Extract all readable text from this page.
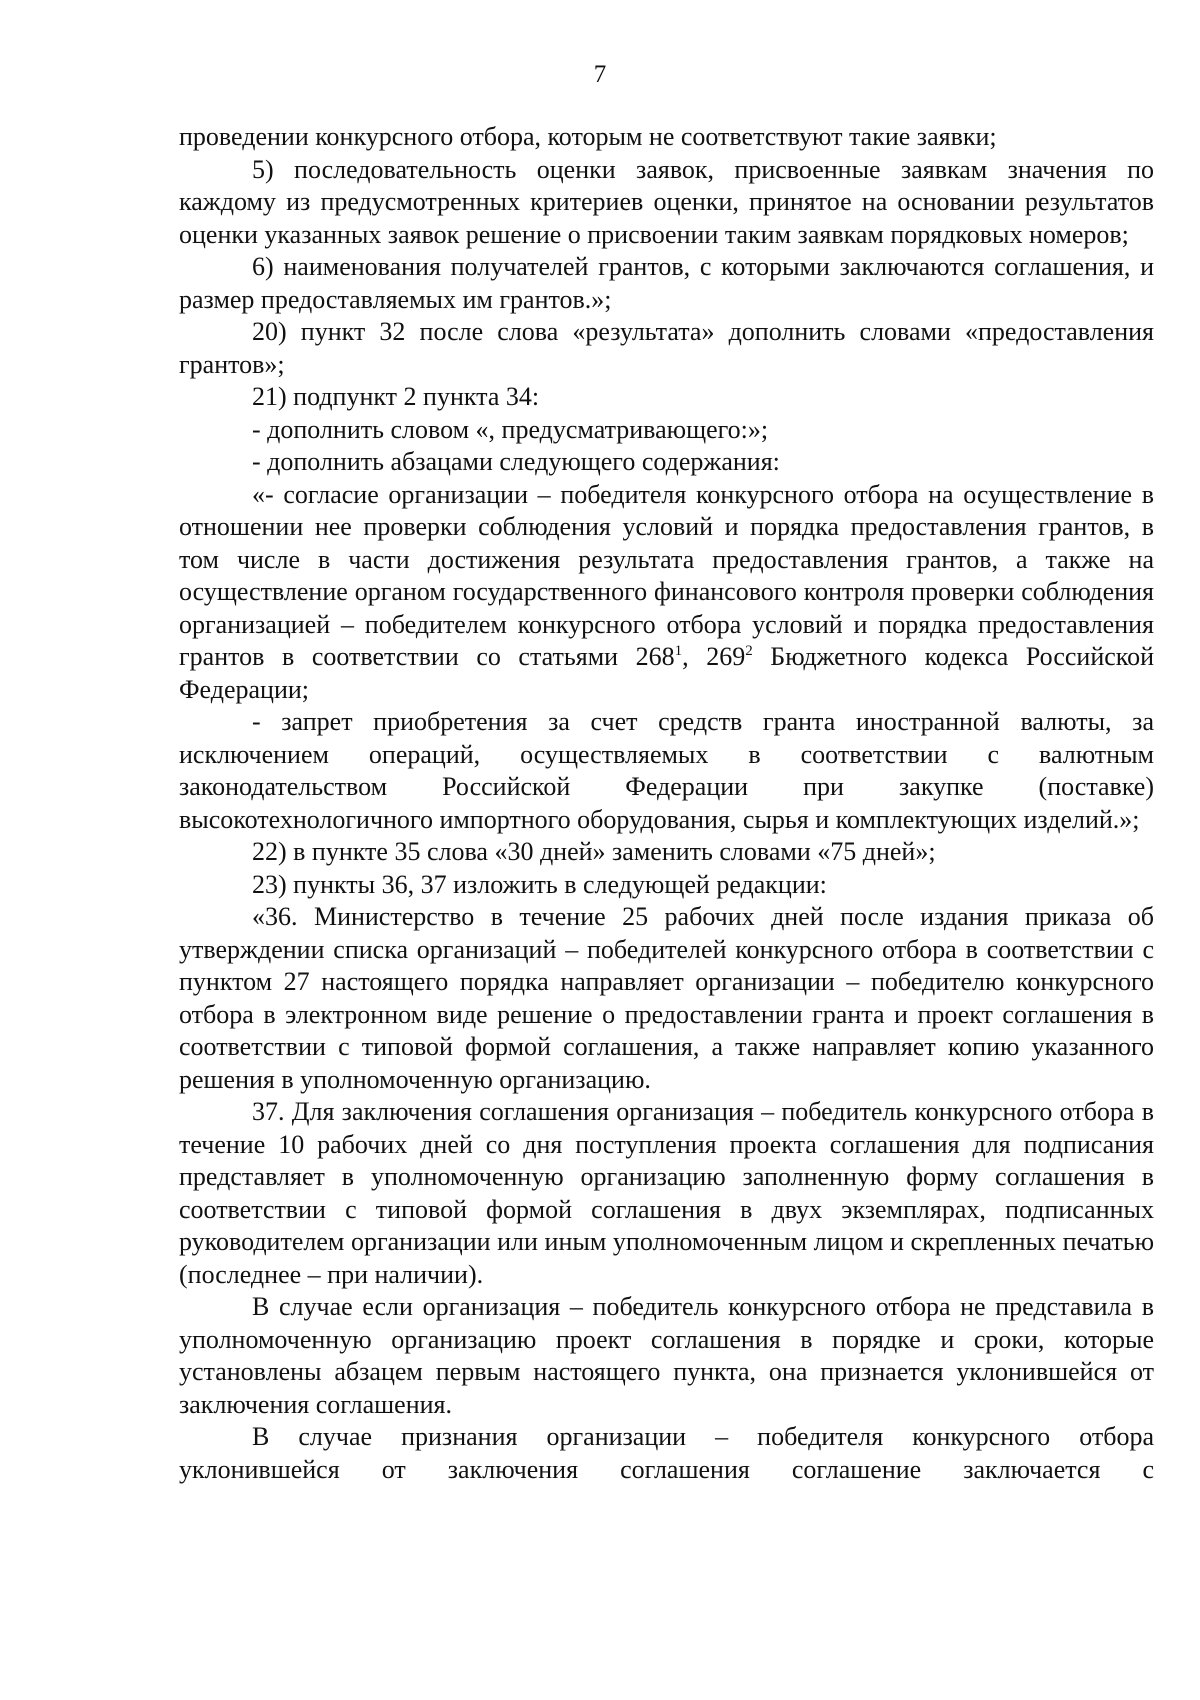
7

проведении конкурсного отбора, которым не соответствуют такие заявки;

5) последовательность оценки заявок, присвоенные заявкам значения по каждому из предусмотренных критериев оценки, принятое на основании результатов оценки указанных заявок решение о присвоении таким заявкам порядковых номеров;

6) наименования получателей грантов, с которыми заключаются соглашения, и размер предоставляемых им грантов.»;

20) пункт 32 после слова «результата» дополнить словами «предоставления грантов»;

21) подпункт 2 пункта 34:

- дополнить словом «, предусматривающего:»;

- дополнить абзацами следующего содержания:

«- согласие организации – победителя конкурсного отбора на осуществление в отношении нее проверки соблюдения условий и порядка предоставления грантов, в том числе в части достижения результата предоставления грантов, а также на осуществление органом государственного финансового контроля проверки соблюдения организацией – победителем конкурсного отбора условий и порядка предоставления грантов в соответствии со статьями $268^1$, $269^2$ Бюджетного кодекса Российской Федерации;

- запрет приобретения за счет средств гранта иностранной валюты, за исключением операций, осуществляемых в соответствии с валютным законодательством Российской Федерации при закупке (поставке) высокотехнологичного импортного оборудования, сырья и комплектующих изделий.»;

22) в пункте 35 слова «30 дней» заменить словами «75 дней»;

23) пункты 36, 37 изложить в следующей редакции:

«36. Министерство в течение 25 рабочих дней после издания приказа об утверждении списка организаций – победителей конкурсного отбора в соответствии с пунктом 27 настоящего порядка направляет организации – победителю конкурсного отбора в электронном виде решение о предоставлении гранта и проект соглашения в соответствии с типовой формой соглашения, а также направляет копию указанного решения в уполномоченную организацию.

37. Для заключения соглашения организация – победитель конкурсного отбора в течение 10 рабочих дней со дня поступления проекта соглашения для подписания представляет в уполномоченную организацию заполненную форму соглашения в соответствии с типовой формой соглашения в двух экземплярах, подписанных руководителем организации или иным уполномоченным лицом и скрепленных печатью (последнее – при наличии).

В случае если организация – победитель конкурсного отбора не представила в уполномоченную организацию проект соглашения в порядке и сроки, которые установлены абзацем первым настоящего пункта, она признается уклонившейся от заключения соглашения.

В случае признания организации – победителя конкурсного отбора уклонившейся от заключения соглашения соглашение заключается с
